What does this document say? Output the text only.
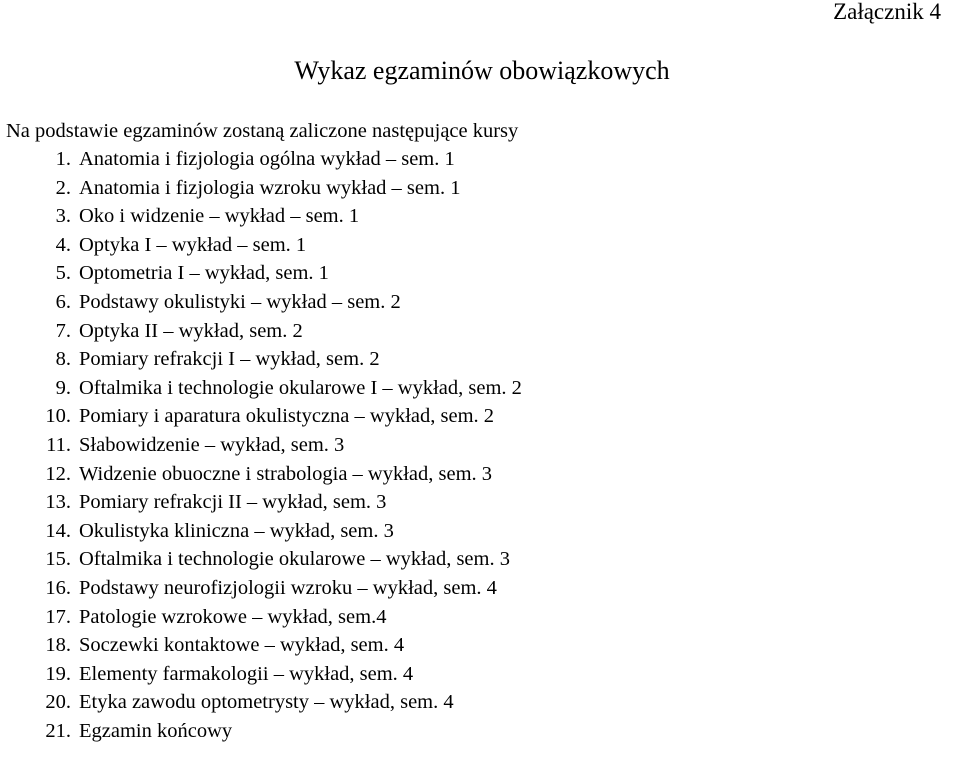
Załącznik 4
Wykaz egzaminów obowiązkowych
Na podstawie egzaminów zostaną zaliczone następujące kursy
1. Anatomia i fizjologia ogólna wykład – sem. 1
2. Anatomia i fizjologia wzroku wykład – sem. 1
3. Oko i widzenie – wykład – sem. 1
4. Optyka I – wykład – sem. 1
5. Optometria I – wykład, sem. 1
6. Podstawy okulistyki – wykład – sem. 2
7. Optyka II – wykład, sem. 2
8. Pomiary refrakcji I – wykład, sem. 2
9. Oftalmika i technologie okularowe I – wykład, sem. 2
10. Pomiary i aparatura okulistyczna – wykład, sem. 2
11. Słabowidzenie – wykład, sem. 3
12. Widzenie obuoczne i strabologia – wykład, sem. 3
13. Pomiary refrakcji II – wykład, sem. 3
14. Okulistyka kliniczna – wykład, sem. 3
15. Oftalmika i technologie okularowe – wykład, sem. 3
16. Podstawy neurofizjologii wzroku – wykład, sem. 4
17. Patologie wzrokowe – wykład, sem.4
18. Soczewki kontaktowe – wykład, sem. 4
19. Elementy farmakologii – wykład, sem. 4
20. Etyka zawodu optometrysty – wykład, sem. 4
21. Egzamin końcowy
